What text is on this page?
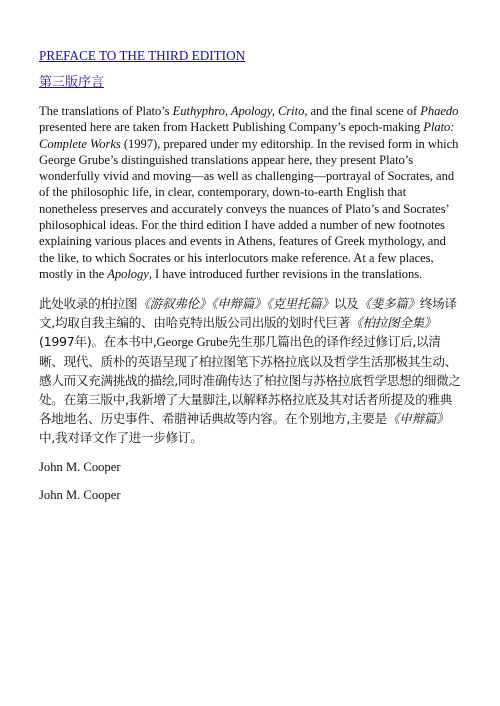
PREFACE TO THE THIRD EDITION
第三版序言

The translations of Plato’s Euthyphro, Apology, Crito, and the final scene of Phaedo presented here are taken from Hackett Publishing Company’s epoch-making Plato: Complete Works (1997), prepared under my editorship. In the revised form in which George Grube’s distinguished translations appear here, they present Plato’s wonderfully vivid and moving—as well as challenging—portrayal of Socrates, and of the philosophic life, in clear, contemporary, down-to-earth English that nonetheless preserves and accurately conveys the nuances of Plato’s and Socrates’ philosophical ideas. For the third edition I have added a number of new footnotes explaining various places and events in Athens, features of Greek mythology, and the like, to which Socrates or his interlocutors make reference. At a few places, mostly in the Apology, I have introduced further revisions in the translations.

此处收录的柏拉图《游叙弗伦》《申辩篇》《克里托篇》以及《斐多篇》终场译文,均取自我主编的、由哈克特出版公司出版的划时代巨著《柏拉图全集》(1997年)。在本书中,George Grube先生那几篇出色的译作经过修订后,以清晰、现代、质朴的英语呈现了柏拉图笔下苏格拉底以及哲学生活那极其生动、感人而又充满挑战的描绘,同时准确传达了柏拉图与苏格拉底哲学思想的细微之处。在第三版中,我新增了大量脚注,以解释苏格拉底及其对话者所提及的雅典各地地名、历史事件、希腊神话典故等内容。在个别地方,主要是《申辩篇》中,我对译文作了进一步修订。

John M. Cooper

John M. Cooper
